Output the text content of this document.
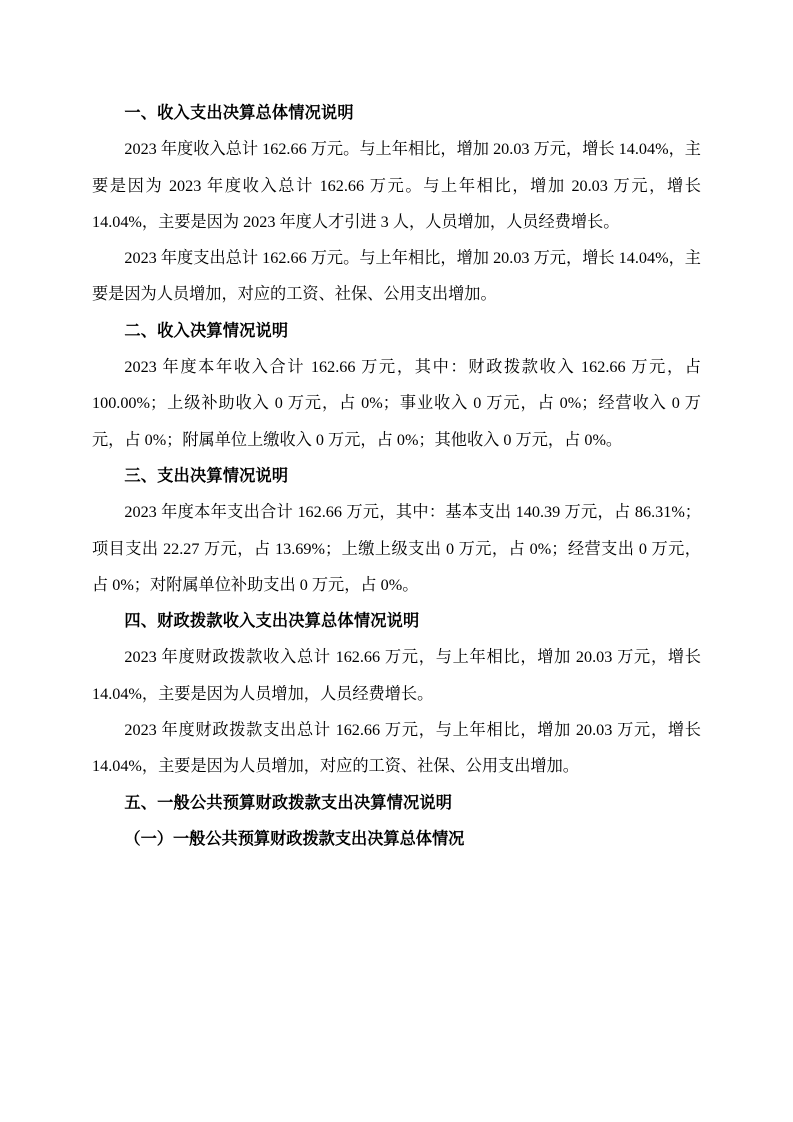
一、收入支出决算总体情况说明

2023 年度收入总计 162.66 万元。与上年相比，增加 20.03 万元，增长 14.04%，主要是因为 2023 年度收入总计 162.66 万元。与上年相比，增加 20.03 万元，增长 14.04%，主要是因为 2023 年度人才引进 3 人，人员增加，人员经费增长。

2023 年度支出总计 162.66 万元。与上年相比，增加 20.03 万元，增长 14.04%，主要是因为人员增加，对应的工资、社保、公用支出增加。

二、收入决算情况说明

2023 年度本年收入合计 162.66 万元，其中：财政拨款收入 162.66 万元，占 100.00%；上级补助收入 0 万元，占 0%；事业收入 0 万元，占 0%；经营收入 0 万元，占 0%；附属单位上缴收入 0 万元，占 0%；其他收入 0 万元，占 0%。

三、支出决算情况说明

2023 年度本年支出合计 162.66 万元，其中：基本支出 140.39 万元，占 86.31%；项目支出 22.27 万元，占 13.69%；上缴上级支出 0 万元，占 0%；经营支出 0 万元，占 0%；对附属单位补助支出 0 万元，占 0%。

四、财政拨款收入支出决算总体情况说明

2023 年度财政拨款收入总计 162.66 万元，与上年相比，增加 20.03 万元，增长 14.04%，主要是因为人员增加，人员经费增长。

2023 年度财政拨款支出总计 162.66 万元，与上年相比，增加 20.03 万元，增长 14.04%，主要是因为人员增加，对应的工资、社保、公用支出增加。

五、一般公共预算财政拨款支出决算情况说明

（一）一般公共预算财政拨款支出决算总体情况
